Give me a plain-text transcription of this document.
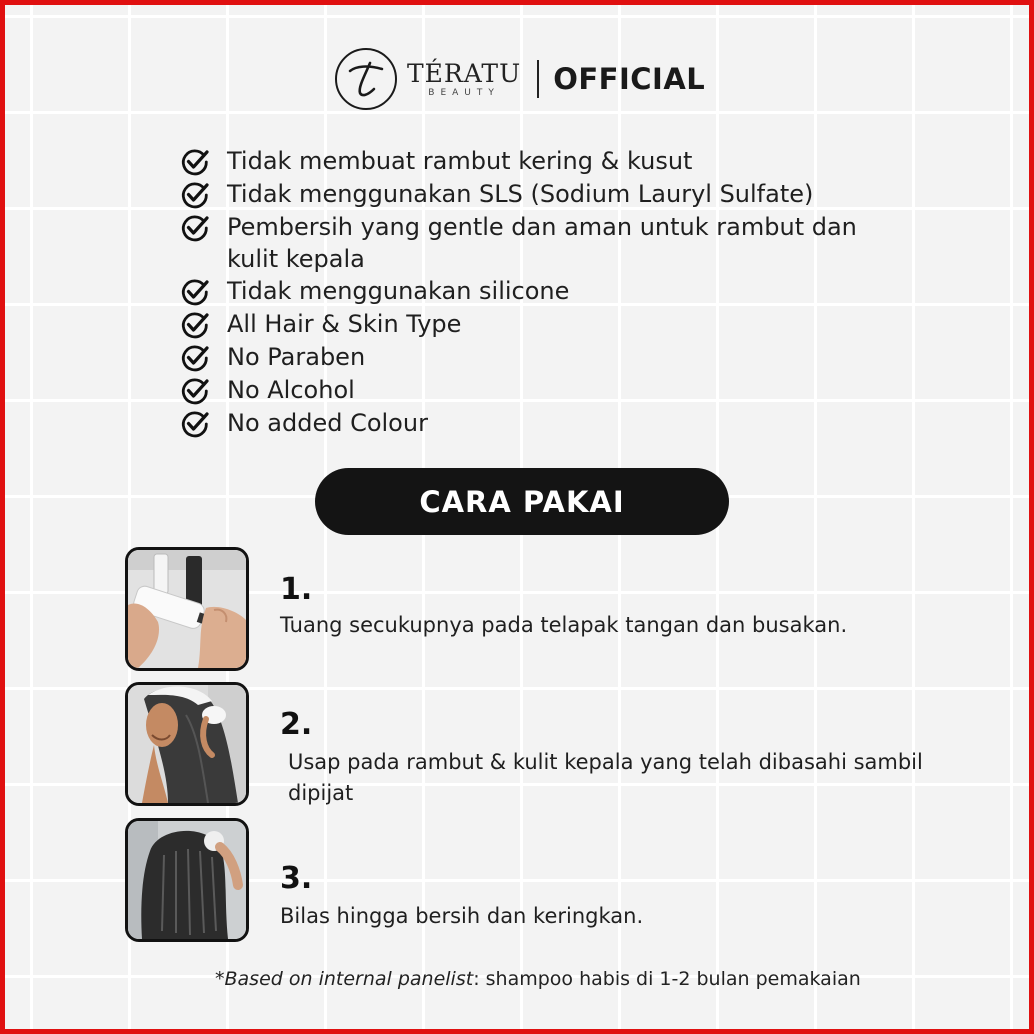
TÉRATU
BEAUTY OFFICIAL
Tidak membuat rambut kering & kusut
Tidak menggunakan SLS (Sodium Lauryl Sulfate)
Pembersih yang gentle dan aman untuk rambut dan kulit kepala
Tidak menggunakan silicone
All Hair & Skin Type
No Paraben
No Alcohol
No added Colour
CARA PAKAI
1.
Tuang secukupnya pada telapak tangan dan busakan.
2.
Usap pada rambut & kulit kepala yang telah dibasahi sambil dipijat
3.
Bilas hingga bersih dan keringkan.
*Based on internal panelist: shampoo habis di 1-2 bulan pemakaian
